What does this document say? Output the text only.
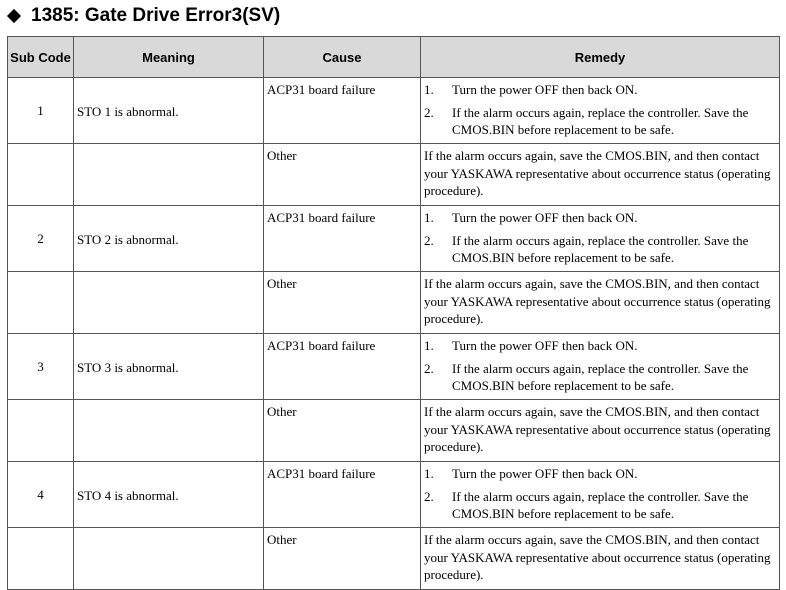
1385: Gate Drive Error3(SV)
Sub Code	Meaning	Cause	Remedy
1	STO 1 is abnormal.	ACP31 board failure	1. Turn the power OFF then back ON.
2. If the alarm occurs again, replace the controller. Save the CMOS.BIN before replacement to be safe.

		Other	If the alarm occurs again, save the CMOS.BIN, and then contact your YASKAWA representative about occurrence status (operating procedure).
2	STO 2 is abnormal.	ACP31 board failure	1. Turn the power OFF then back ON.
2. If the alarm occurs again, replace the controller. Save the CMOS.BIN before replacement to be safe.

		Other	If the alarm occurs again, save the CMOS.BIN, and then contact your YASKAWA representative about occurrence status (operating procedure).
3	STO 3 is abnormal.	ACP31 board failure	1. Turn the power OFF then back ON.
2. If the alarm occurs again, replace the controller. Save the CMOS.BIN before replacement to be safe.

		Other	If the alarm occurs again, save the CMOS.BIN, and then contact your YASKAWA representative about occurrence status (operating procedure).
4	STO 4 is abnormal.	ACP31 board failure	1. Turn the power OFF then back ON.
2. If the alarm occurs again, replace the controller. Save the CMOS.BIN before replacement to be safe.

		Other	If the alarm occurs again, save the CMOS.BIN, and then contact your YASKAWA representative about occurrence status (operating procedure).
